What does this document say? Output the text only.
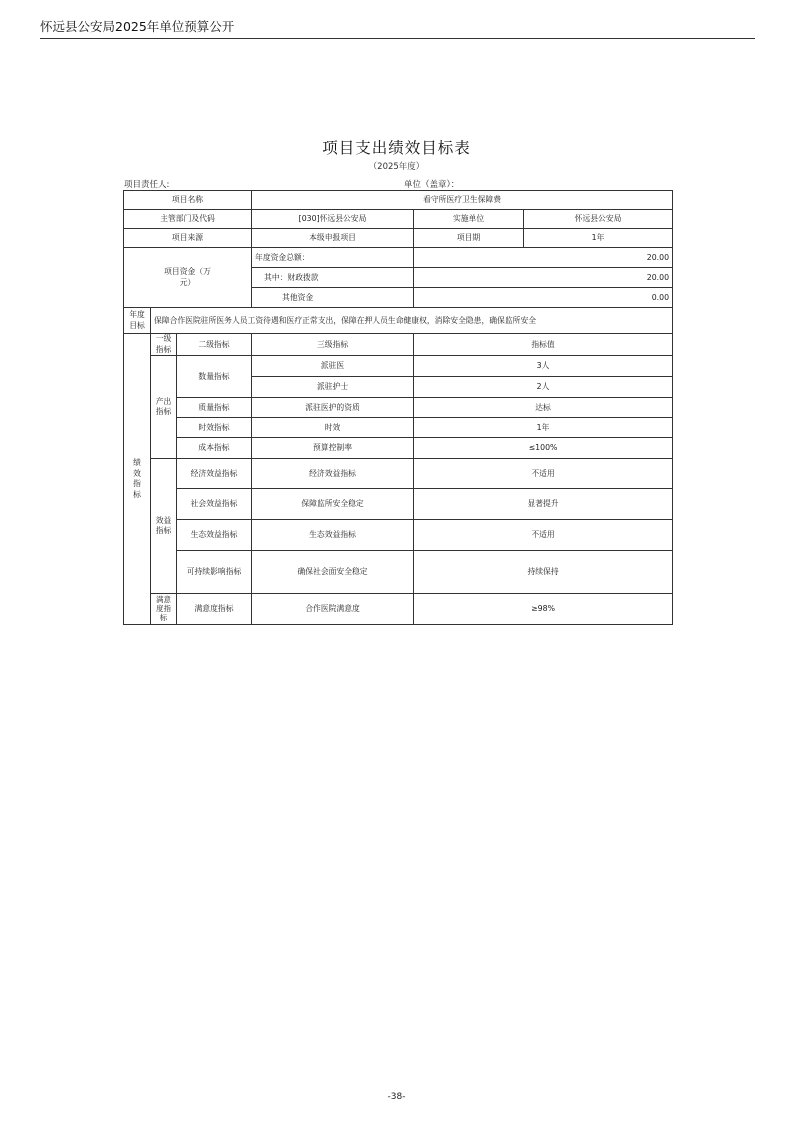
怀远县公安局2025年单位预算公开
项目支出绩效目标表
（2025年度）
项目责任人:	单位（盖章）：
项目名称			看守所医疗卫生保障费		
主管部门及代码			[030]怀远县公安局	实施单位	怀远县公安局
项目来源			本级申报项目	项目期	1年
项目资金（万元）			年度资金总额：	20.00	
			其中：财政拨款	20.00	
			其他资金	0.00	
年度目标	保障合作医院驻所医务人员工资待遇和医疗正常支出，保障在押人员生命健康权，消除安全隐患，确保监所安全				
绩效指标	一级指标	二级指标	三级指标	指标值	
	产出指标	数量指标	派驻医	3人	
			派驻护士	2人	
		质量指标	派驻医护的资质	达标	
		时效指标	时效	1年	
		成本指标	预算控制率	≤100%	
	效益指标	经济效益指标	经济效益指标	不适用	
		社会效益指标	保障监所安全稳定	显著提升	
		生态效益指标	生态效益指标	不适用	
		可持续影响指标	确保社会面安全稳定	持续保持	
	满意度指标	满意度指标	合作医院满意度	≥98%	
-38-
